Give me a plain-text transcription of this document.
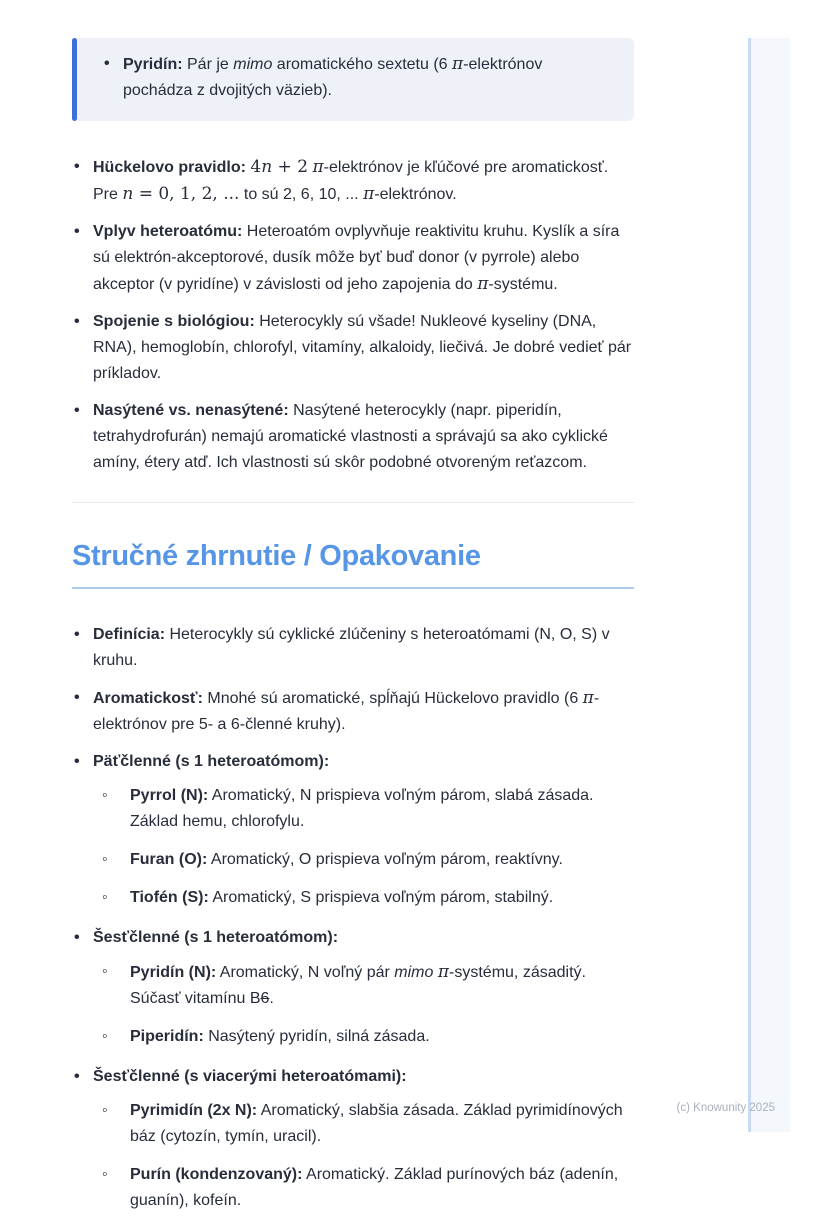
• Pyridín: Pár je mimo aromatického sextetu (6 π-elektrónov pochádza z dvojitých väzieb).
• Hückelovo pravidlo: 4n + 2 π-elektrónov je kľúčové pre aromatickosť. Pre n = 0, 1, 2, ... to sú 2, 6, 10, ... π-elektrónov.
• Vplyv heteroatómu: Heteroatóm ovplyvňuje reaktivitu kruhu. Kyslík a síra sú elektrón-akceptorové, dusík môže byť buď donor (v pyrrole) alebo akceptor (v pyridíne) v závislosti od jeho zapojenia do π-systému.
• Spojenie s biológiou: Heterocykly sú všade! Nukleové kyseliny (DNA, RNA), hemoglobín, chlorofyl, vitamíny, alkaloidy, liečivá. Je dobré vedieť pár príkladov.
• Nasýtené vs. nenasýtené: Nasýtené heterocykly (napr. piperidín, tetrahydrofurán) nemajú aromatické vlastnosti a správajú sa ako cyklické amíny, étery atď. Ich vlastnosti sú skôr podobné otvoreným reťazcom.
Stručné zhrnutie / Opakovanie
• Definícia: Heterocykly sú cyklické zlúčeniny s heteroatómami (N, O, S) v kruhu.
• Aromatickosť: Mnohé sú aromatické, spĺňajú Hückelovo pravidlo (6 π-elektrónov pre 5- a 6-členné kruhy).
• Päťčlenné (s 1 heteroatómom):
◦ Pyrrol (N): Aromatický, N prispieva voľným párom, slabá zásada. Základ hemu, chlorofylu.
◦ Furan (O): Aromatický, O prispieva voľným párom, reaktívny.
◦ Tiofén (S): Aromatický, S prispieva voľným párom, stabilný.
• Šesťčlenné (s 1 heteroatómom):
◦ Pyridín (N): Aromatický, N voľný pár mimo π-systému, zásaditý. Súčasť vitamínu B6.
◦ Piperidín: Nasýtený pyridín, silná zásada.
• Šesťčlenné (s viacerými heteroatómami):
◦ Pyrimidín (2x N): Aromatický, slabšia zásada. Základ pyrimidínových báz (cytozín, tymín, uracil).
◦ Purín (kondenzovaný): Aromatický. Základ purínových báz (adenín, guanín), kofeín.
(c) Knowunity 2025
